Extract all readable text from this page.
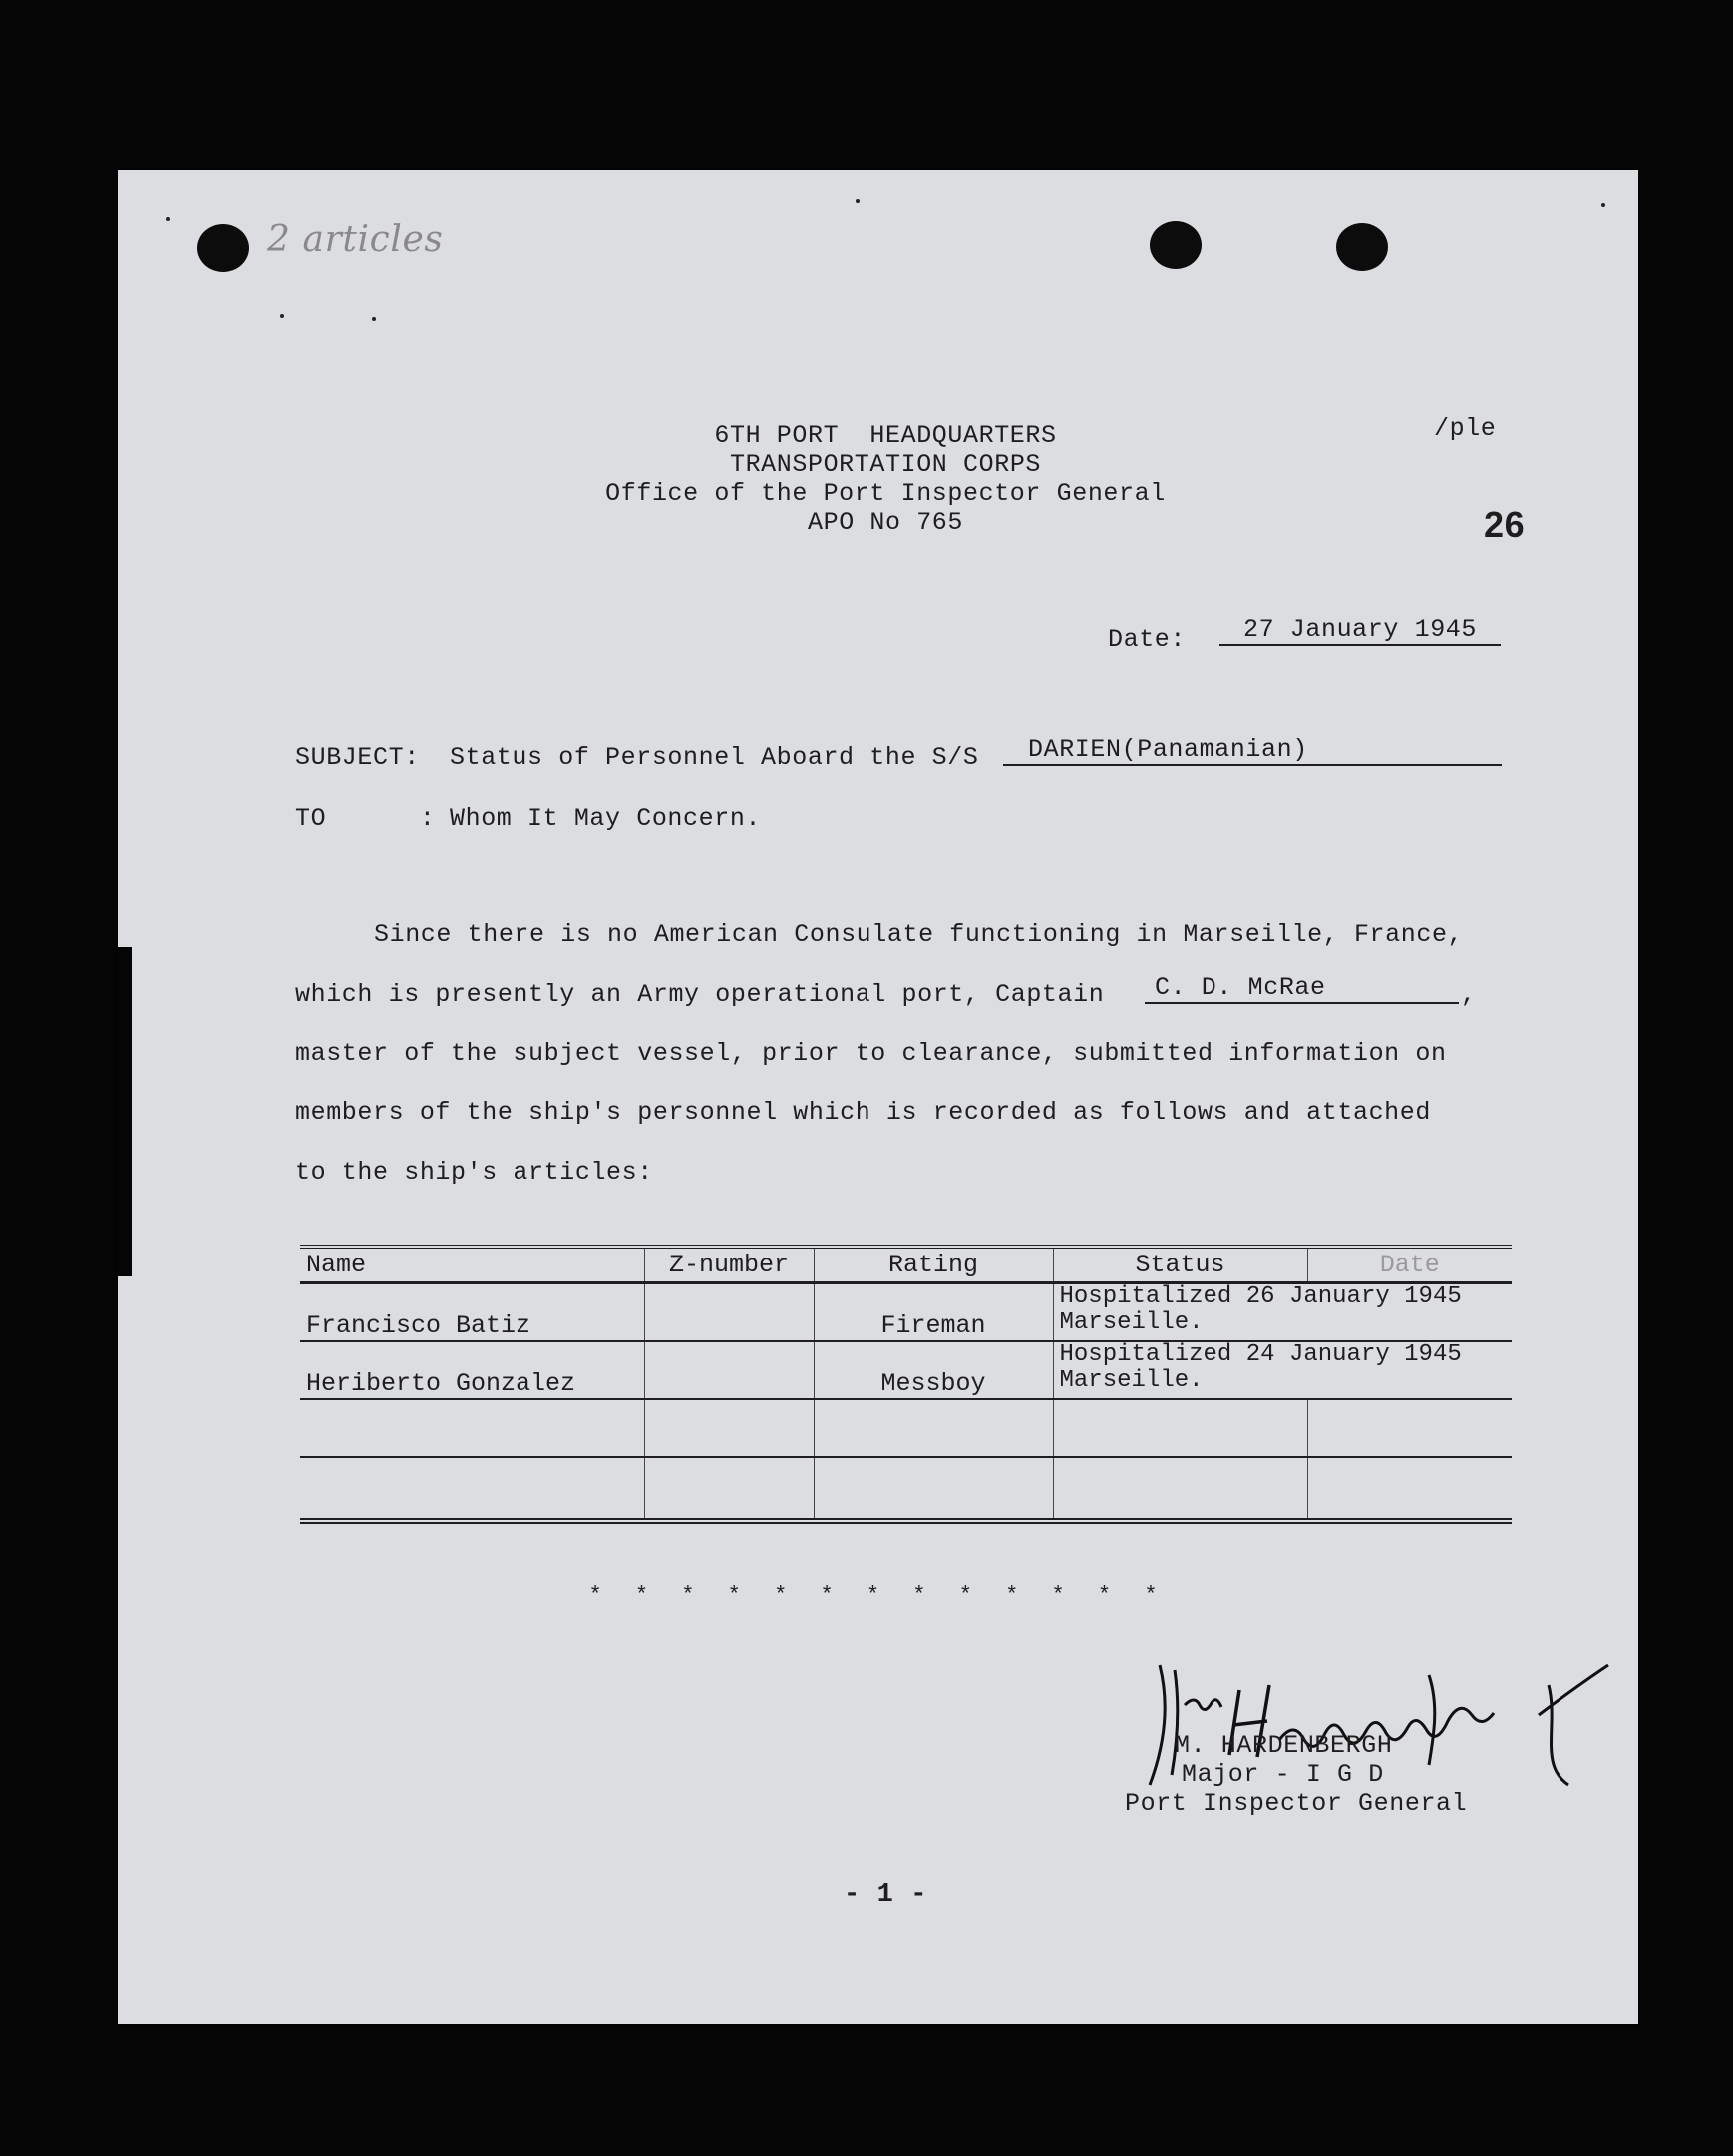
2 articles
/ple
26
6TH PORT  HEADQUARTERS
TRANSPORTATION CORPS
Office of the Port Inspector General
APO No 765
Date:	27 January 1945
SUBJECT: Status of Personnel Aboard the S/S	DARIEN(Panamanian)
TO      : Whom It May Concern.
Since there is no American Consulate functioning in Marseille, France,
which is presently an Army operational port, Captain	C. D. McRae	,
master of the subject vessel, prior to clearance, submitted information on
members of the ship's personnel which is recorded as follows and attached
to the ship's articles:
Name	Z-number	Rating	Status	Date
Francisco Batiz		Fireman	Hospitalized 26 January 1945
Marseille.	

Heriberto Gonzalez		Messboy	Hospitalized 24 January 1945
Marseille.	

* * * * * * * * * * * * *
M. HARDENBERGH
Major - I G D
Port Inspector General
- 1 -
